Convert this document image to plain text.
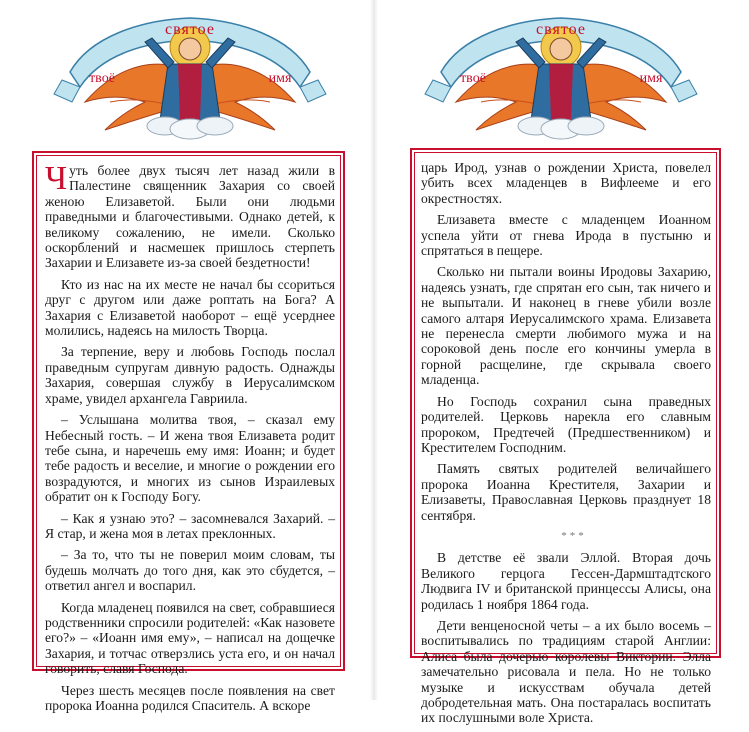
святое
твоё	имя

Чуть более двух тысяч лет назад жили в Палестине священник Захария со своей женою Елизаветой. Были они людьми праведными и благочестивыми. Однако детей, к великому сожалению, не имели. Сколько оскорблений и насмешек пришлось стерпеть Захарии и Елизавете из-за своей бездетности!

Кто из нас на их месте не начал бы ссориться друг с другом или даже роптать на Бога? А Захария с Елизаветой наоборот – ещё усерднее молились, надеясь на милость Творца.

За терпение, веру и любовь Господь послал праведным супругам дивную радость. Однажды Захария, совершая службу в Иерусалимском храме, увидел архангела Гавриила.

– Услышана молитва твоя, – сказал ему Небесный гость. – И жена твоя Елизавета родит тебе сына, и наречешь ему имя: Иоанн; и будет тебе радость и веселие, и многие о рождении его возрадуются, и многих из сынов Израилевых обратит он к Господу Богу.

– Как я узнаю это? – засомневался Захарий. – Я стар, и жена моя в летах преклонных.

– За то, что ты не поверил моим словам, ты будешь молчать до того дня, как это сбудется, – ответил ангел и воспарил.

Когда младенец появился на свет, собравшиеся родственники спросили родителей: «Как назовете его?» – «Иоанн имя ему», – написал на дощечке Захария, и тотчас отверзлись уста его, и он начал говорить, славя Господа.

Через шесть месяцев после появления на свет пророка Иоанна родился Спаситель. А вскоре

святое
твоё	имя

царь Ирод, узнав о рождении Христа, повелел убить всех младенцев в Вифлееме и его окрестностях.

Елизавета вместе с младенцем Иоанном успела уйти от гнева Ирода в пустыню и спрятаться в пещере.

Сколько ни пытали воины Иродовы Захарию, надеясь узнать, где спрятан его сын, так ничего и не выпытали. И наконец в гневе убили возле самого алтаря Иерусалимского храма. Елизавета не перенесла смерти любимого мужа и на сороковой день после его кончины умерла в горной расщелине, где скрывала своего младенца.

Но Господь сохранил сына праведных родителей. Церковь нарекла его славным пророком, Предтечей (Предшественником) и Крестителем Господним.

Память святых родителей величайшего пророка Иоанна Крестителя, Захарии и Елизаветы, Православная Церковь празднует 18 сентября.

***

В детстве её звали Эллой. Вторая дочь Великого герцога Гессен-Дармштадтского Людвига IV и британской принцессы Алисы, она родилась 1 ноября 1864 года.

Дети венценосной четы – а их было восемь – воспитывались по традициям старой Англии: Алиса была дочерью королевы Виктории. Элла замечательно рисовала и пела. Но не только музыке и искусствам обучала детей добродетельная мать. Она постаралась воспитать их послушными воле Христа.
